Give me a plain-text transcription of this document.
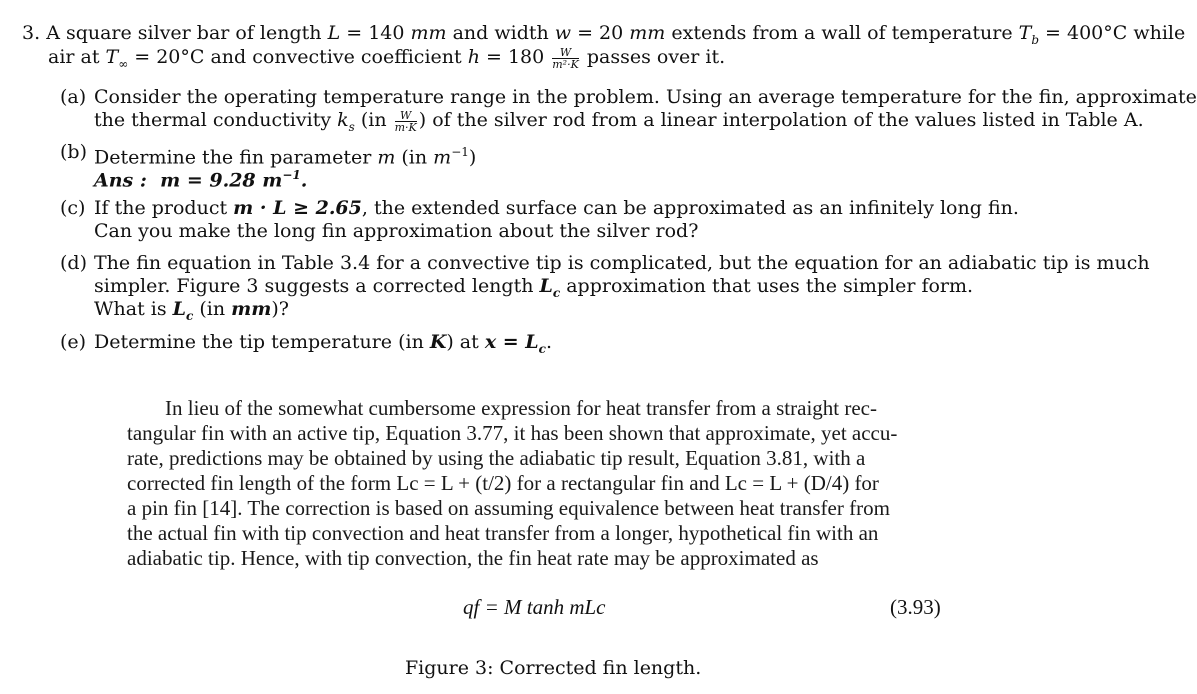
3. A square silver bar of length L = 140 mm and width w = 20 mm extends from a wall of temperature $T_b = 400^\circ C$ while
air at $T_\infty = 20^\circ C$ and convective coefficient $h = 180 \frac{W}{\text{m²·K}}$ passes over it.
(a) Consider the operating temperature range in the problem. Using an average temperature for the fin, approximate
the thermal conductivity $k_s$ ($in \frac{W}{m\cdot K}$ ) of the silver rod from a linear interpolation of the values listed in Table A.
(b) Determine the fin parameter m (in $m^{-1}$)
Ans : m = 9.28 $m^{-1}$.
(c) If the product m · L ≥ 2.65, the extended surface can be approximated as an infinitely long fin.
Can you make the long fin approximation about the silver rod?
(d) The fin equation in Table 3.4 for a convective tip is complicated, but the equation for an adiabatic tip is much
simpler. Figure 3 suggests a corrected length $L_c$ approximation that uses the simpler form.
What is $L_c$ (in mm)?
(e) Determine the tip temperature (in K) at $x = L_c$.
In lieu of the somewhat cumbersome expression for heat transfer from a straight rec-
tangular fin with an active tip, Equation 3.77, it has been shown that approximate, yet accu-
rate, predictions may be obtained by using the adiabatic tip result, Equation 3.81, with a
corrected fin length of the form Lc = L + (t/2) for a rectangular fin and Lc = L + (D/4) for
a pin fin [14]. The correction is based on assuming equivalence between heat transfer from
the actual fin with tip convection and heat transfer from a longer, hypothetical fin with an
adiabatic tip. Hence, with tip convection, the fin heat rate may be approximated as
qf = M tanh mLc	(3.93)
Figure 3: Corrected fin length.
